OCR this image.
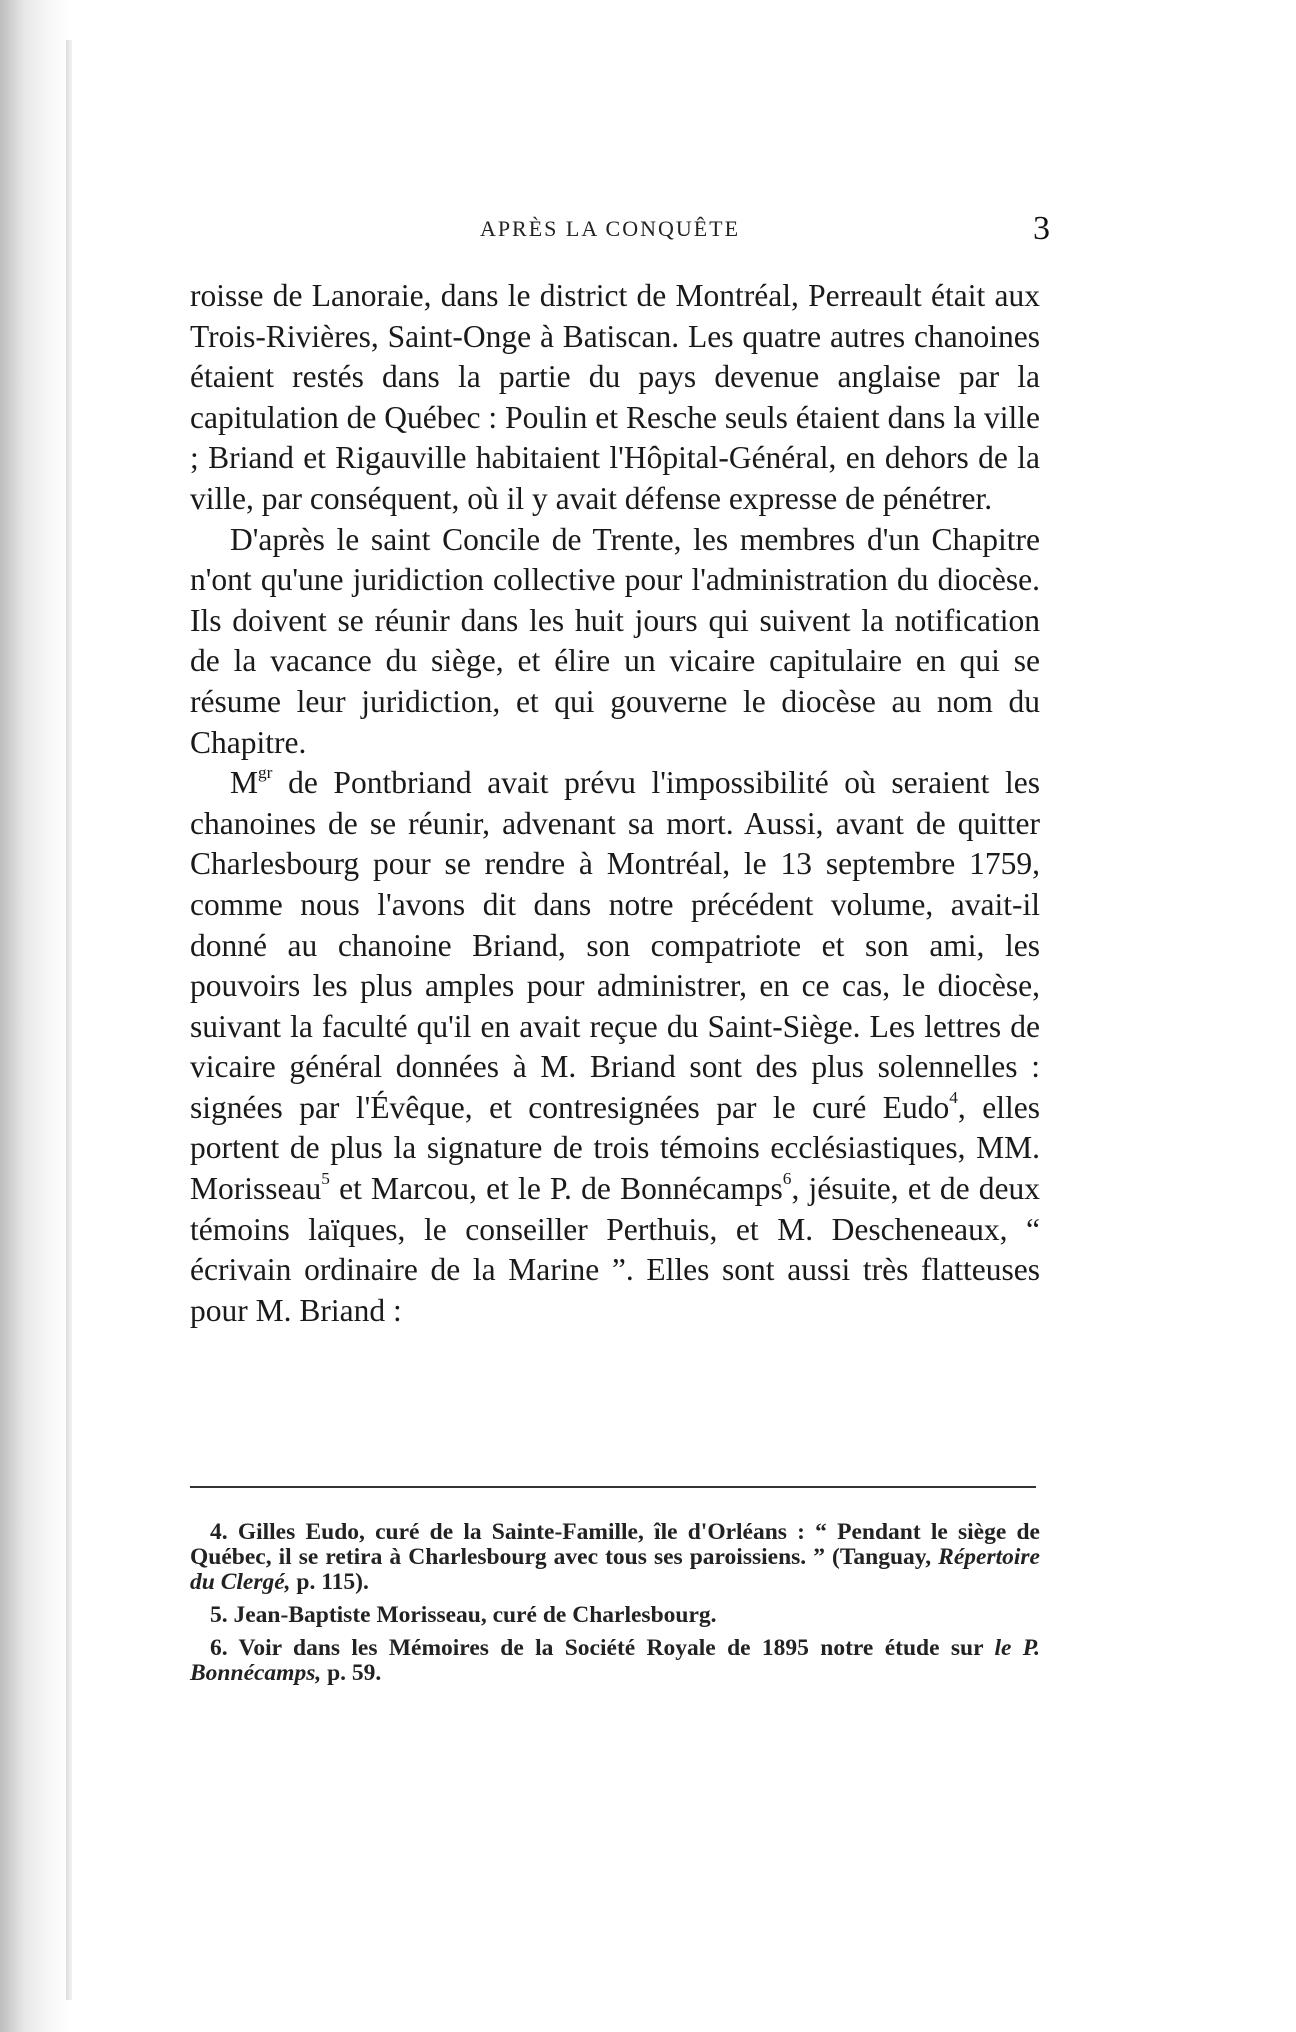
APRÈS LA CONQUÊTE	3

roisse de Lanoraie, dans le district de Montréal, Perreault était aux Trois-Rivières, Saint-Onge à Batiscan. Les quatre autres chanoines étaient restés dans la partie du pays devenue anglaise par la capitulation de Québec : Poulin et Resche seuls étaient dans la ville ; Briand et Rigauville habitaient l'Hôpital-Général, en dehors de la ville, par conséquent, où il y avait défense expresse de pénétrer.

D'après le saint Concile de Trente, les membres d'un Chapitre n'ont qu'une juridiction collective pour l'administration du diocèse. Ils doivent se réunir dans les huit jours qui suivent la notification de la vacance du siège, et élire un vicaire capitulaire en qui se résume leur juridiction, et qui gouverne le diocèse au nom du Chapitre.

$M^{gr}$ de Pontbriand avait prévu l'impossibilité où seraient les chanoines de se réunir, advenant sa mort. Aussi, avant de quitter Charlesbourg pour se rendre à Montréal, le 13 septembre 1759, comme nous l'avons dit dans notre précédent volume, avait-il donné au chanoine Briand, son compatriote et son ami, les pouvoirs les plus amples pour administrer, en ce cas, le diocèse, suivant la faculté qu'il en avait reçue du Saint-Siège. Les lettres de vicaire général données à M. Briand sont des plus solennelles : signées par l'Évêque, et contresignées par le curé Eudo$^4$, elles portent de plus la signature de trois témoins ecclésiastiques, MM. Morisseau$^5$ et Marcou, et le P. de Bonnécamps$^6$, jésuite, et de deux témoins laïques, le conseiller Perthuis, et M. Descheneaux, “ écrivain ordinaire de la Marine ”. Elles sont aussi très flatteuses pour M. Briand :

4. Gilles Eudo, curé de la Sainte-Famille, île d'Orléans : “ Pendant le siège de Québec, il se retira à Charlesbourg avec tous ses paroissiens. ” (Tanguay, Répertoire du Clergé, p. 115).

5. Jean-Baptiste Morisseau, curé de Charlesbourg.

6. Voir dans les Mémoires de la Société Royale de 1895 notre étude sur le P. Bonnécamps, p. 59.
